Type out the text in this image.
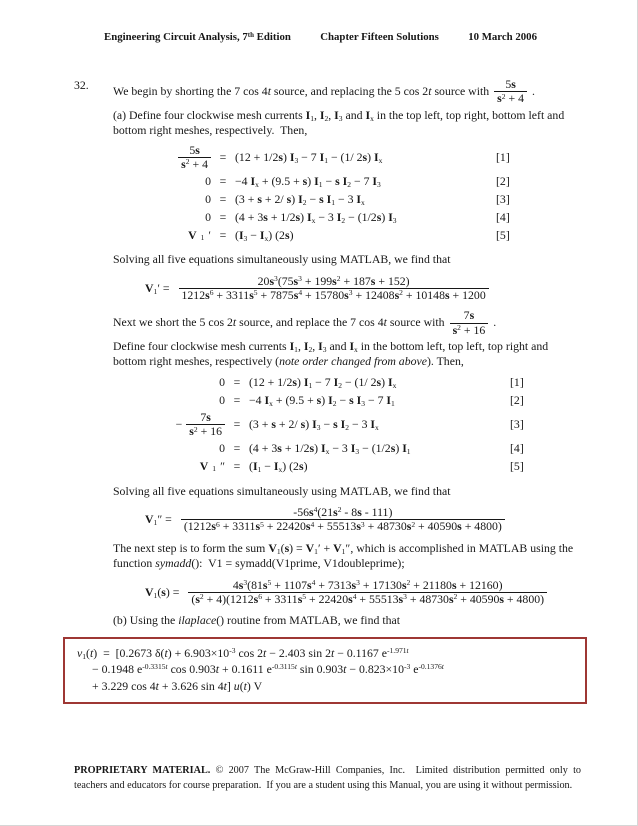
Engineering Circuit Analysis, 7th Edition	Chapter Fifteen Solutions	10 March 2006
32.	We begin by shorting the 7 cos 4t source, and replacing the 5 cos 2t source with $\frac{5s}{s^2 + 4}$ .
(a) Define four clockwise mesh currents $I_1$, $I_2$, $I_3$ and $I_x$ in the top left, top right, bottom left and bottom right meshes, respectively.  Then,
$\frac{5s}{s^2 + 4} = (12 + 1/2s) I_3 - 7$ $I_1 - (1/$ 2s) $I_x$	[1]
0 = −4 $I_x + (9.5 + s) I_1 - s$ $I_2 - 7$ $I_3$	[2]
0 = (3 + s + 2/ s) $I_2 - s$ $I_1 - 3$ $I_x$	[3]
0 = (4 + 3s + 1/2s) $I_x - 3$ $I_2 - (1/2s)$ $I_3$	[4]
V $_1$ ′ = $(I_3 - I_x)$ (2s)	[5]
Solving all five equations simultaneously using MATLAB, we find that
$V_1' = \frac{20s^3(75s^3 + 199s^2 + 187s + 152)}{1212s^6 + 3311s^5 + 7875s^4 + 15780s^3 + 12408s^2 + 10148s + 1200}$
Next we short the 5 cos 2t source, and replace the 7 cos 4t source with $\frac{7s}{s^2 + 16}$ .
Define four clockwise mesh currents $I_1$, $I_2$, $I_3$ and $I_x$ in the bottom left, top left, top right and bottom right meshes, respectively (note order changed from above). Then,
0 = (12 + 1/2s) $I_1 - 7$ $I_2 - (1/$ 2s) $I_x$	[1]
0 = −4 $I_x + (9.5 + s) I_2 - s$ $I_3 - 7$ $I_1$	[2]
− $\frac{7s}{s^2 + 16} = (3 + s + 2/$ s) $I_3 - s$ $I_2 - 3$ $I_x$	[3]
0 = (4 + 3s + 1/2s) $I_x - 3$ $I_3 - (1/2s)$ $I_1$	[4]
V $_1$ ″ = $(I_1 - I_x)$ (2s)	[5]
Solving all five equations simultaneously using MATLAB, we find that
$V_1''$ =	$-56s^4(21s^2 - 8s - 111)$
$(1212s^6 + 3311s^5 + 22420s^4 + 55513s^3 + 48730s^2 + 40590s + 4800)$
The next step is to form the sum $V_1(s) = V_1' + V_1''$, which is accomplished in MATLAB using the function symadd():  V1 = symadd(V1prime, V1doubleprime);
$V_1(s)$ =	$4s^3(81s^5 + 1107s^4 + 7313s^3 + 17130s^2 + 21180s + 12160)$
$(s^2 + 4)(1212s^6 + 3311s^5 + 22420s^4 + 55513s^3 + 48730s^2 + 40590s + 4800)$
(b) Using the ilaplace() routine from MATLAB, we find that
$v_1(t) = [0.2673$ $\delta(t) + 6.903\times 10^{-3}$ cos 2t − 2.403 sin 2t − 0.1167 $e^{-1.971t}$
− 0.1948 $e^{-0.3315t}$ cos 0.903t + 0.1611 $e^{-0.3115t}$ $\sin 0.903t - 0.823\times 10^{-3}$ $e^{-0.1376t}$
+ 3.229 cos 4t + 3.626 sin 4t] u(t) V
PROPRIETARY MATERIAL. © 2007 The McGraw-Hill Companies, Inc.  Limited distribution permitted only to teachers and educators for course preparation.  If you are a student using this Manual, you are using it without permission.
